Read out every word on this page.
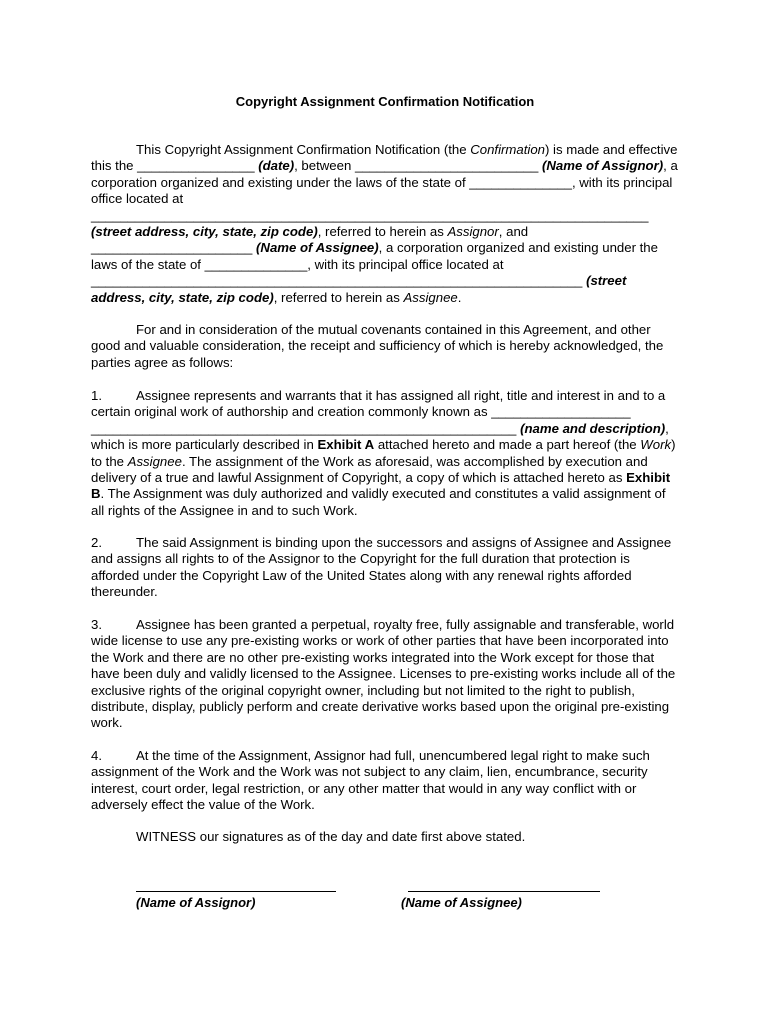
Copyright Assignment Confirmation Notification

This Copyright Assignment Confirmation Notification (the Confirmation) is made and effective this the ________________ (date), between _________________________ (Name of Assignor), a corporation organized and existing under the laws of the state of ______________, with its principal office located at ____________________________________________________________________________ (street address, city, state, zip code), referred to herein as Assignor, and ______________________ (Name of Assignee), a corporation organized and existing under the laws of the state of ______________, with its principal office located at ___________________________________________________________________ (street address, city, state, zip code), referred to herein as Assignee.

For and in consideration of the mutual covenants contained in this Agreement, and other good and valuable consideration, the receipt and sufficiency of which is hereby acknowledged, the parties agree as follows:

1.	Assignee represents and warrants that it has assigned all right, title and interest in and to a certain original work of authorship and creation commonly known as ___________________ __________________________________________________________ (name and description), which is more particularly described in Exhibit A attached hereto and made a part hereof (the Work) to the Assignee. The assignment of the Work as aforesaid, was accomplished by execution and delivery of a true and lawful Assignment of Copyright, a copy of which is attached hereto as Exhibit B. The Assignment was duly authorized and validly executed and constitutes a valid assignment of all rights of the Assignee in and to such Work.

2.	The said Assignment is binding upon the successors and assigns of Assignee and Assignee and assigns all rights to of the Assignor to the Copyright for the full duration that protection is afforded under the Copyright Law of the United States along with any renewal rights afforded thereunder.

3.	Assignee has been granted a perpetual, royalty free, fully assignable and transferable, world wide license to use any pre-existing works or work of other parties that have been incorporated into the Work and there are no other pre-existing works integrated into the Work except for those that have been duly and validly licensed to the Assignee. Licenses to pre-existing works include all of the exclusive rights of the original copyright owner, including but not limited to the right to publish, distribute, display, publicly perform and create derivative works based upon the original pre-existing work.

4.	At the time of the Assignment, Assignor had full, unencumbered legal right to make such assignment of the Work and the Work was not subject to any claim, lien, encumbrance, security interest, court order, legal restriction, or any other matter that would in any way conflict with or adversely effect the value of the Work.

WITNESS our signatures as of the day and date first above stated.

(Name of Assignor)	(Name of Assignee)
